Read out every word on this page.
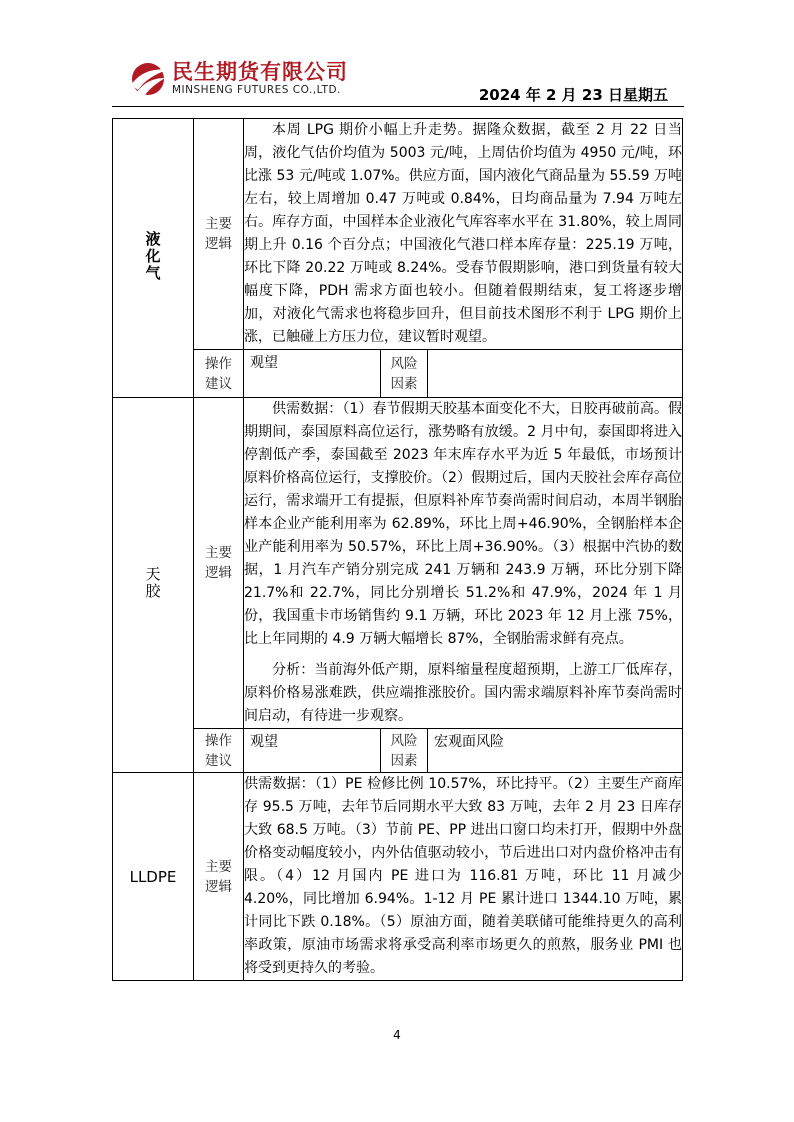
民生期货有限公司
MINSHENG FUTURES CO.,LTD.	2024 年 2 月 23 日星期五
液化气	主要逻辑	本周 LPG 期价小幅上升走势。据隆众数据，截至 2 月 22 日当周，液化气估价均值为 5003 元/吨，上周估价均值为 4950 元/吨，环比涨 53 元/吨或 1.07%。供应方面，国内液化气商品量为 55.59 万吨左右，较上周增加 0.47 万吨或 0.84%，日均商品量为 7.94 万吨左右。库存方面，中国样本企业液化气库容率水平在 31.80%，较上周同期上升 0.16 个百分点；中国液化气港口样本库存量：225.19 万吨，环比下降 20.22 万吨或 8.24%。受春节假期影响，港口到货量有较大幅度下降，PDH 需求方面也较小。但随着假期结束，复工将逐步增加，对液化气需求也将稳步回升，但目前技术图形不利于 LPG 期价上涨，已触碰上方压力位，建议暂时观望。		

	操作建议	观望	风险因素	
天胶	主要逻辑	供需数据：（1）春节假期天胶基本面变化不大，日胶再破前高。假期期间，泰国原料高位运行，涨势略有放缓。2 月中旬，泰国即将进入停割低产季，泰国截至 2023 年末库存水平为近 5 年最低，市场预计原料价格高位运行，支撑胶价。（2）假期过后，国内天胶社会库存高位运行，需求端开工有提振，但原料补库节奏尚需时间启动，本周半钢胎样本企业产能利用率为 62.89%，环比上周+46.90%，全钢胎样本企业产能利用率为 50.57%，环比上周+36.90%。（3）根据中汽协的数据，1 月汽车产销分别完成 241 万辆和 243.9 万辆，环比分别下降 21.7%和 22.7%，同比分别增长 51.2%和 47.9%，2024 年 1 月份，我国重卡市场销售约 9.1 万辆，环比 2023 年 12 月上涨 75%，比上年同期的 4.9 万辆大幅增长 87%，全钢胎需求鲜有亮点。

分析：当前海外低产期，原料缩量程度超预期，上游工厂低库存，原料价格易涨难跌，供应端推涨胶价。国内需求端原料补库节奏尚需时间启动，有待进一步观察。		

	操作建议	观望	风险因素	宏观面风险
LLDPE	主要逻辑	供需数据：（1）PE 检修比例 10.57%，环比持平。（2）主要生产商库存 95.5 万吨，去年节后同期水平大致 83 万吨，去年 2 月 23 日库存大致 68.5 万吨。（3）节前 PE、PP 进出口窗口均未打开，假期中外盘价格变动幅度较小，内外估值驱动较小，节后进出口对内盘价格冲击有限。（4）12 月国内 PE 进口为 116.81 万吨，环比 11 月减少 4.20%，同比增加 6.94%。1-12 月 PE 累计进口 1344.10 万吨，累计同比下跌 0.18%。（5）原油方面，随着美联储可能维持更久的高利率政策，原油市场需求将承受高利率市场更久的煎熬，服务业 PMI 也将受到更持久的考验。		

4
